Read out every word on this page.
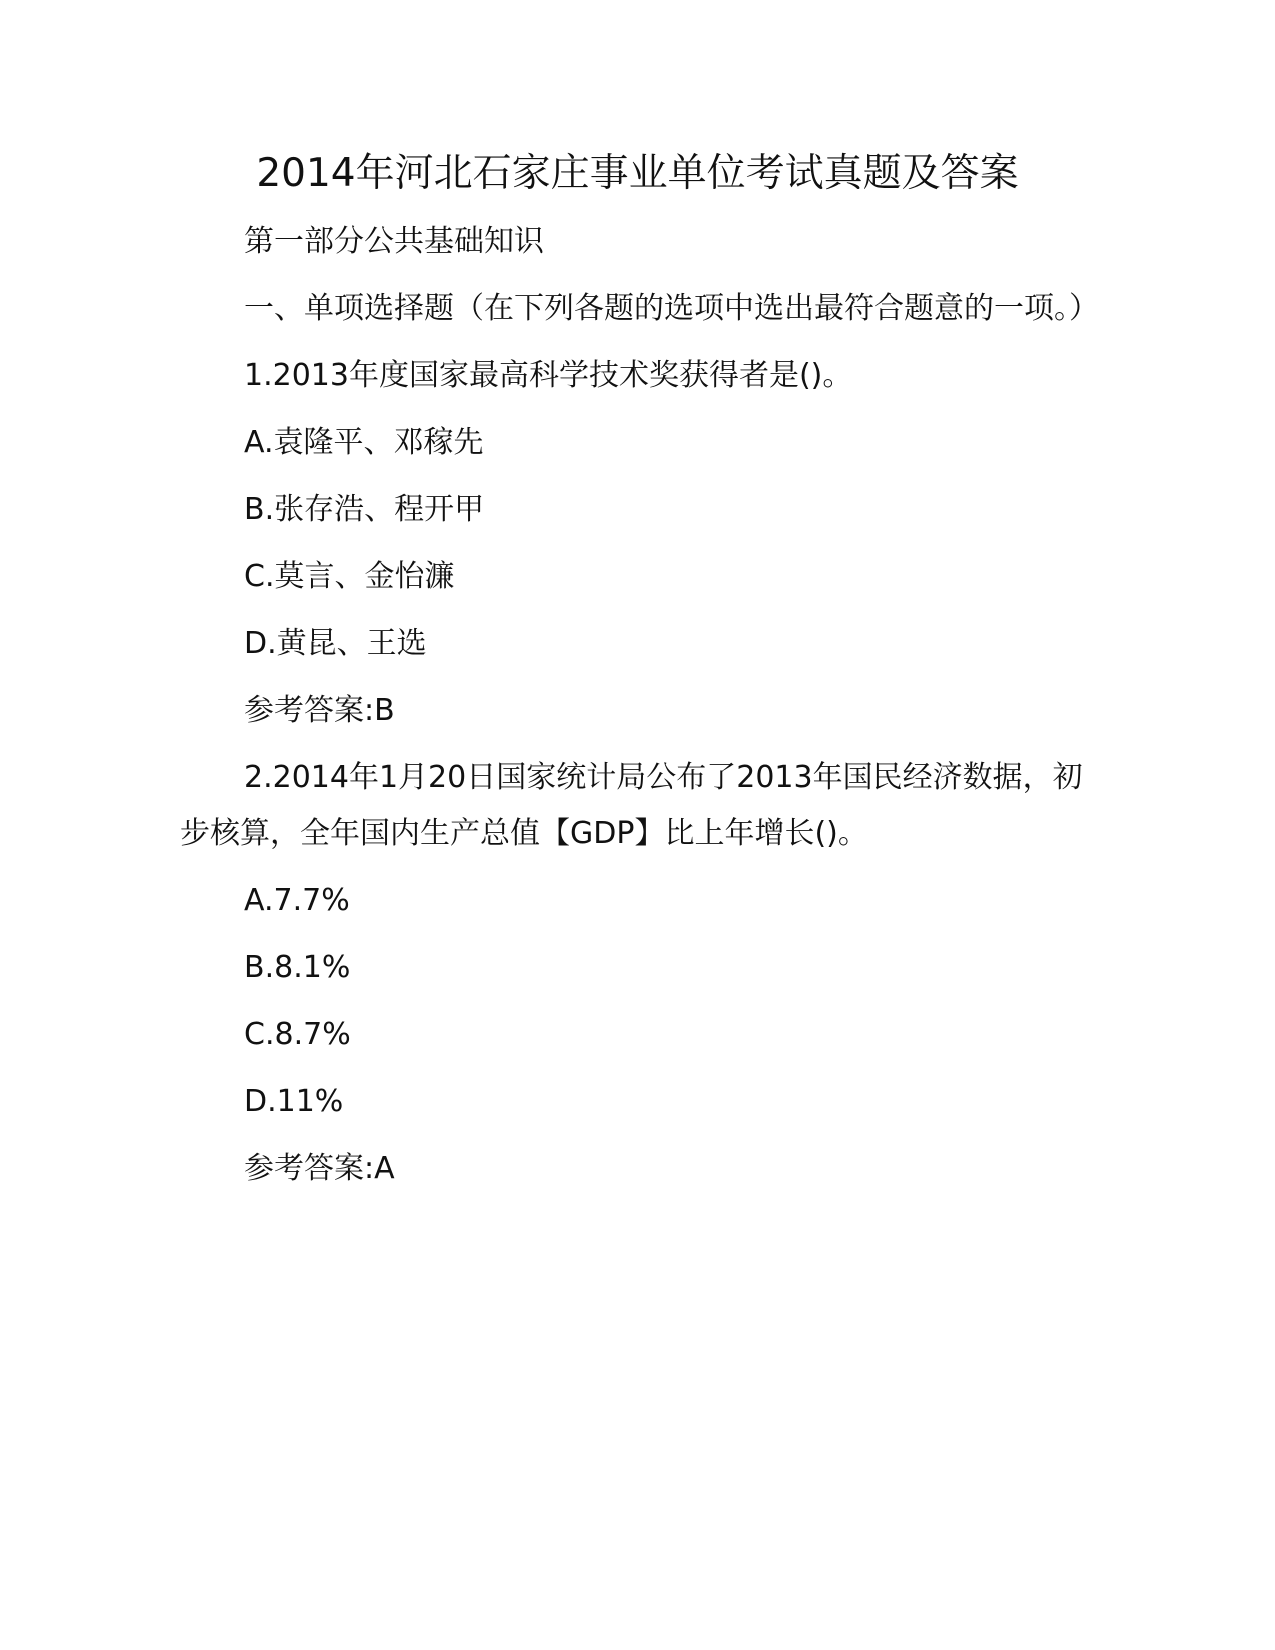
2014年河北石家庄事业单位考试真题及答案

第一部分公共基础知识

一、单项选择题（在下列各题的选项中选出最符合题意的一项。）

1.2013年度国家最高科学技术奖获得者是()。

A.袁隆平、邓稼先

B.张存浩、程开甲

C.莫言、金怡濂

D.黄昆、王选

参考答案:B

2.2014年1月20日国家统计局公布了2013年国民经济数据，初步核算，全年国内生产总值【GDP】比上年增长()。

A.7.7%

B.8.1%

C.8.7%

D.11%

参考答案:A
